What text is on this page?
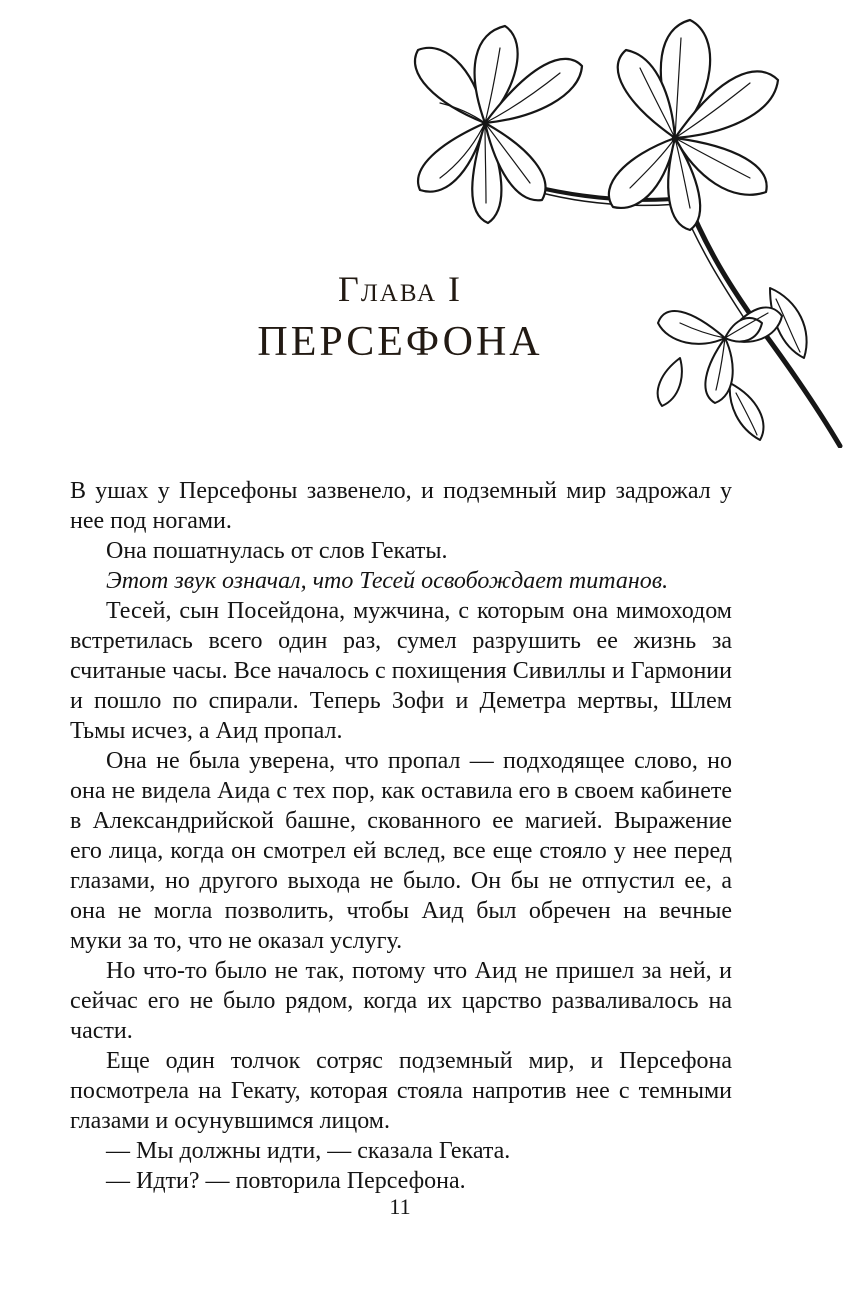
Глава I
ПЕРСЕФОНА

В ушах у Персефоны зазвенело, и подземный мир задрожал у нее под ногами.

Она пошатнулась от слов Гекаты.

Этот звук означал, что Тесей освобождает титанов.

Тесей, сын Посейдона, мужчина, с которым она мимоходом встретилась всего один раз, сумел разрушить ее жизнь за считаные часы. Все началось с похищения Сивиллы и Гармонии и пошло по спирали. Теперь Зофи и Деметра мертвы, Шлем Тьмы исчез, а Аид пропал.

Она не была уверена, что пропал — подходящее слово, но она не видела Аида с тех пор, как оставила его в своем кабинете в Александрийской башне, скованного ее магией. Выражение его лица, когда он смотрел ей вслед, все еще стояло у нее перед глазами, но другого выхода не было. Он бы не отпустил ее, а она не могла позволить, чтобы Аид был обречен на вечные муки за то, что не оказал услугу.

Но что-то было не так, потому что Аид не пришел за ней, и сейчас его не было рядом, когда их царство разваливалось на части.

Еще один толчок сотряс подземный мир, и Персефона посмотрела на Гекату, которая стояла напротив нее с темными глазами и осунувшимся лицом.

— Мы должны идти, — сказала Геката.

— Идти? — повторила Персефона.

11
